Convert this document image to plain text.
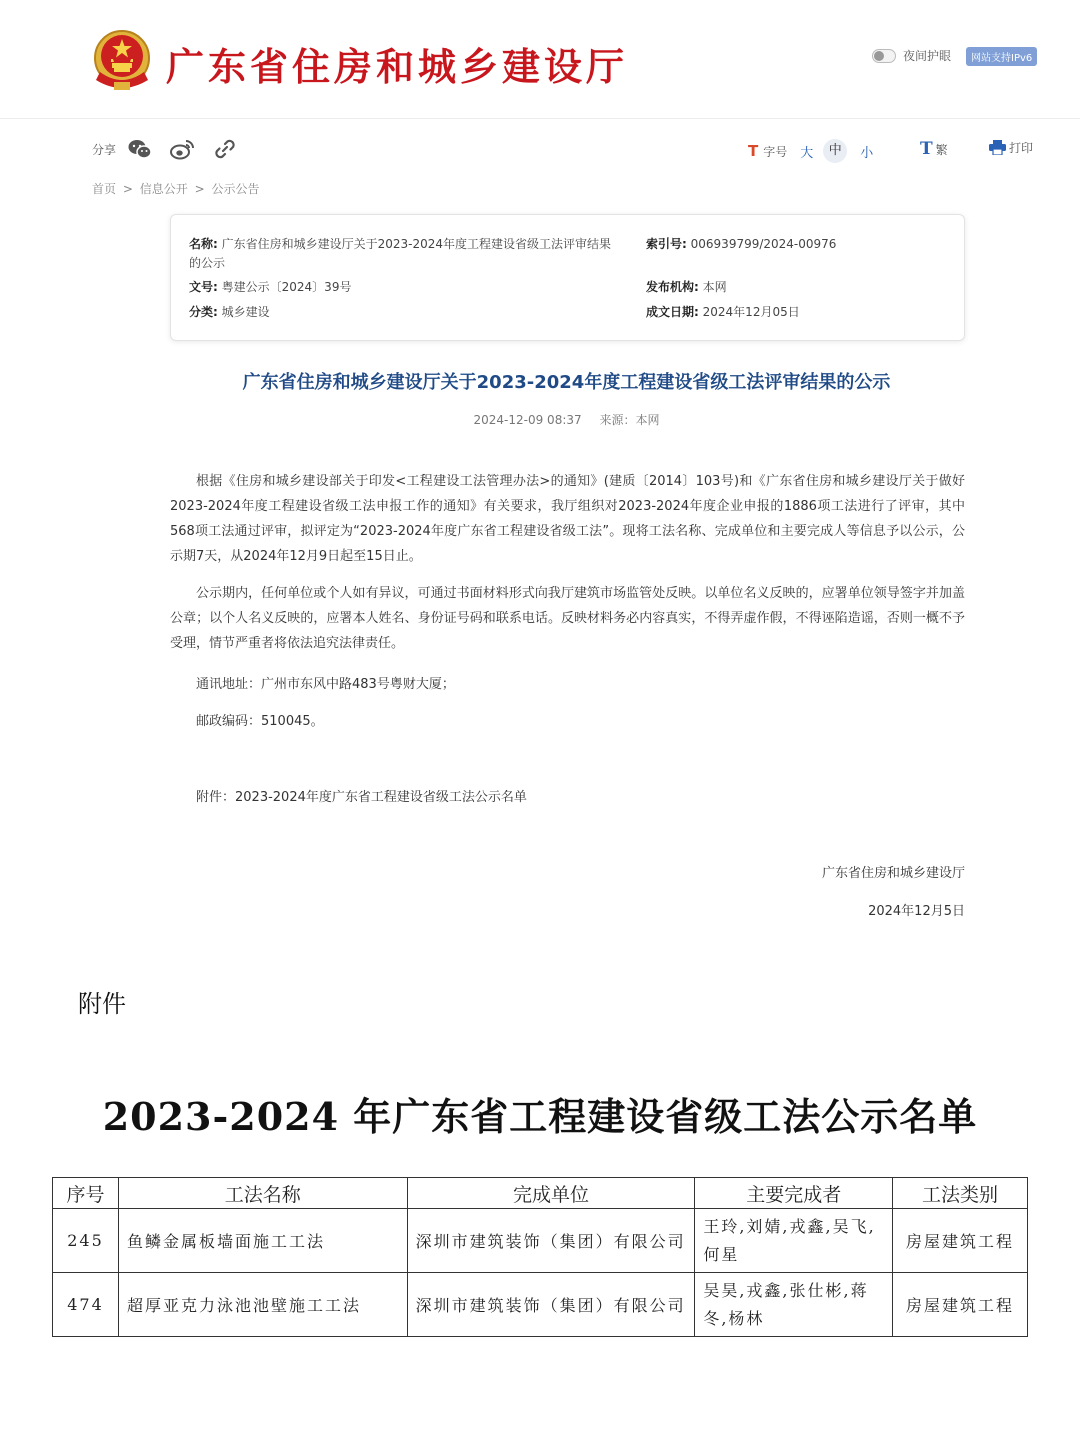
广东省住房和城乡建设厅	夜间护眼	网站支持IPv6
分享	T 字号 大	中	小	T 繁	打印
首页 > 信息公开 > 公示公告
名称: 广东省住房和城乡建设厅关于2023-2024年度工程建设省级工法评审结果的公示
索引号: 006939799/2024-00976
文号: 粤建公示〔2024〕39号	发布机构: 本网
分类: 城乡建设	成文日期: 2024年12月05日
广东省住房和城乡建设厅关于2023-2024年度工程建设省级工法评审结果的公示
2024-12-09 08:37 来源：本网
根据《住房和城乡建设部关于印发<工程建设工法管理办法>的通知》(建质〔2014〕103号)和《广东省住房和城乡建设厅关于做好2023-2024年度工程建设省级工法申报工作的通知》有关要求，我厅组织对2023-2024年度企业申报的1886项工法进行了评审，其中568项工法通过评审，拟评定为“2023-2024年度广东省工程建设省级工法”。现将工法名称、完成单位和主要完成人等信息予以公示，公示期7天，从2024年12月9日起至15日止。
公示期内，任何单位或个人如有异议，可通过书面材料形式向我厅建筑市场监管处反映。以单位名义反映的，应署单位领导签字并加盖公章；以个人名义反映的，应署本人姓名、身份证号码和联系电话。反映材料务必内容真实，不得弄虚作假，不得诬陷造谣，否则一概不予受理，情节严重者将依法追究法律责任。
通讯地址：广州市东风中路483号粤财大厦；
邮政编码：510045。
附件：2023-2024年度广东省工程建设省级工法公示名单
广东省住房和城乡建设厅
2024年12月5日
附件
2023-2024 年广东省工程建设省级工法公示名单
序号	工法名称	完成单位	主要完成者	工法类别
245	鱼鳞金属板墙面施工工法	深圳市建筑装饰（集团）有限公司	王玲,刘婧,戎鑫,吴飞,何星	房屋建筑工程
474	超厚亚克力泳池池壁施工工法	深圳市建筑装饰（集团）有限公司	吴昊,戎鑫,张仕彬,蒋冬,杨林	房屋建筑工程
